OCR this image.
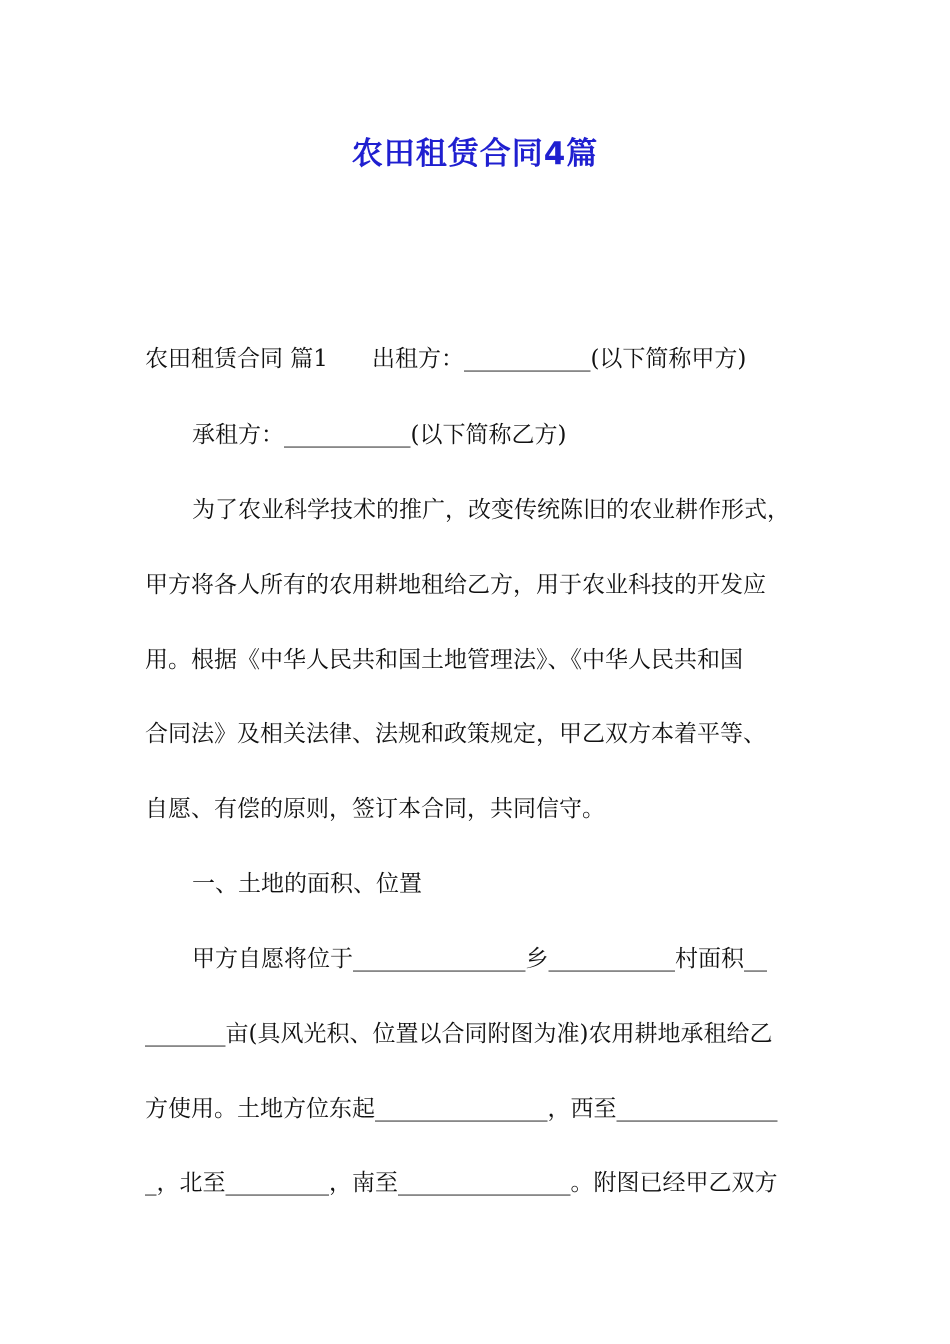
农田租赁合同4篇
农田租赁合同 篇1 出租方：___________(以下简称甲方)
承租方：___________(以下简称乙方)
为了农业科学技术的推广，改变传统陈旧的农业耕作形式，
甲方将各人所有的农用耕地租给乙方，用于农业科技的开发应
用。根据《中华人民共和国土地管理法》、《中华人民共和国
合同法》及相关法律、法规和政策规定，甲乙双方本着平等、
自愿、有偿的原则，签订本合同，共同信守。
一、土地的面积、位置
甲方自愿将位于_______________乡___________村面积__
_______亩(具风光积、位置以合同附图为准)农用耕地承租给乙
方使用。土地方位东起_______________，西至______________
_，北至_________，南至_______________。附图已经甲乙双方
